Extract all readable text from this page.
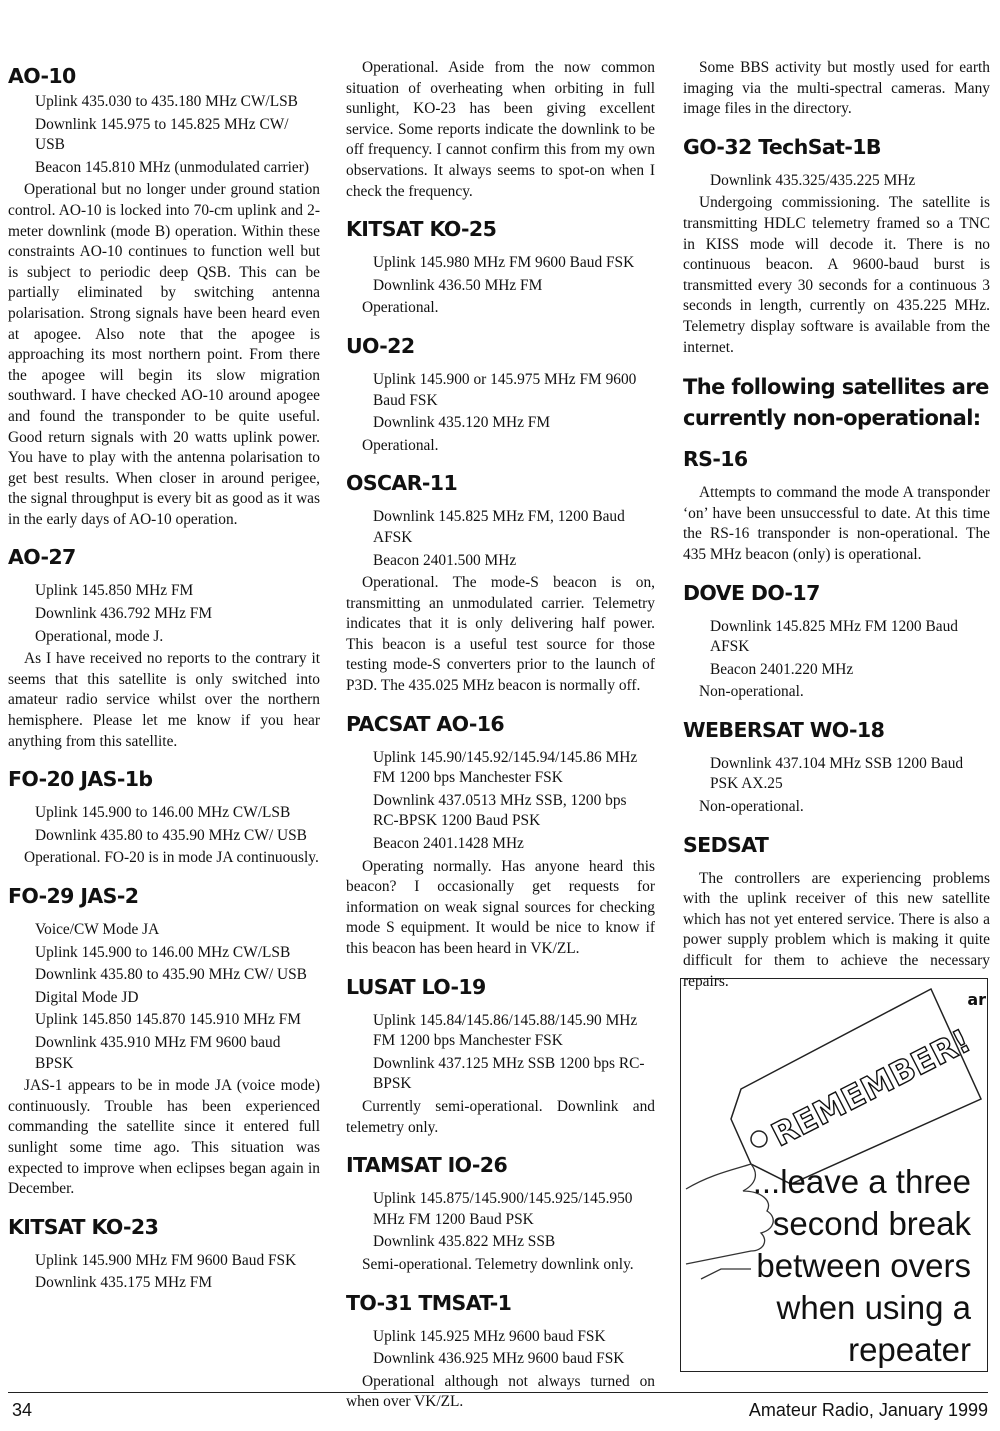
AO-10
Uplink 435.030 to 435.180 MHz CW/LSB
Downlink 145.975 to 145.825 MHz CW/ USB
Beacon 145.810 MHz (unmodulated carrier)

Operational but no longer under ground station control. AO-10 is locked into 70-cm uplink and 2-meter downlink (mode B) operation. Within these constraints AO-10 continues to function well but is subject to periodic deep QSB. This can be partially eliminated by switching antenna polarisation. Strong signals have been heard even at apogee. Also note that the apogee is approaching its most northern point. From there the apogee will begin its slow migration southward. I have checked AO-10 around apogee and found the transponder to be quite useful. Good return signals with 20 watts uplink power. You have to play with the antenna polarisation to get best results. When closer in around perigee, the signal throughput is every bit as good as it was in the early days of AO-10 operation.

AO-27
Uplink 145.850 MHz FM
Downlink 436.792 MHz FM
Operational, mode J.

As I have received no reports to the contrary it seems that this satellite is only switched into amateur radio service whilst over the northern hemisphere. Please let me know if you hear anything from this satellite.

FO-20 JAS-1b
Uplink 145.900 to 146.00 MHz CW/LSB
Downlink 435.80 to 435.90 MHz CW/ USB

Operational. FO-20 is in mode JA continuously.

FO-29 JAS-2
Voice/CW Mode JA
Uplink 145.900 to 146.00 MHz CW/LSB
Downlink 435.80 to 435.90 MHz CW/ USB
Digital Mode JD
Uplink 145.850 145.870 145.910 MHz FM
Downlink 435.910 MHz FM 9600 baud BPSK

JAS-1 appears to be in mode JA (voice mode) continuously. Trouble has been experienced commanding the satellite since it entered full sunlight some time ago. This situation was expected to improve when eclipses began again in December.

KITSAT KO-23
Uplink 145.900 MHz FM 9600 Baud FSK
Downlink 435.175 MHz FM

Operational. Aside from the now common situation of overheating when orbiting in full sunlight, KO-23 has been giving excellent service. Some reports indicate the downlink to be off frequency. I cannot confirm this from my own observations. It always seems to spot-on when I check the frequency.

KITSAT KO-25
Uplink 145.980 MHz FM 9600 Baud FSK
Downlink 436.50 MHz FM

Operational.

UO-22
Uplink 145.900 or 145.975 MHz FM 9600 Baud FSK
Downlink 435.120 MHz FM

Operational.

OSCAR-11
Downlink 145.825 MHz FM, 1200 Baud AFSK
Beacon 2401.500 MHz

Operational. The mode-S beacon is on, transmitting an unmodulated carrier. Telemetry indicates that it is only delivering half power. This beacon is a useful test source for those testing mode-S converters prior to the launch of P3D. The 435.025 MHz beacon is normally off.

PACSAT AO-16
Uplink 145.90/145.92/145.94/145.86 MHz FM 1200 bps Manchester FSK
Downlink 437.0513 MHz SSB, 1200 bps RC-BPSK 1200 Baud PSK
Beacon 2401.1428 MHz

Operating normally. Has anyone heard this beacon? I occasionally get requests for information on weak signal sources for checking mode S equipment. It would be nice to know if this beacon has been heard in VK/ZL.

LUSAT LO-19
Uplink 145.84/145.86/145.88/145.90 MHz FM 1200 bps Manchester FSK
Downlink 437.125 MHz SSB 1200 bps RC-BPSK

Currently semi-operational. Downlink and telemetry only.

ITAMSAT IO-26
Uplink 145.875/145.900/145.925/145.950 MHz FM 1200 Baud PSK
Downlink 435.822 MHz SSB

Semi-operational. Telemetry downlink only.

TO-31 TMSAT-1
Uplink 145.925 MHz 9600 baud FSK
Downlink 436.925 MHz 9600 baud FSK

Operational although not always turned on when over VK/ZL.

Some BBS activity but mostly used for earth imaging via the multi-spectral cameras. Many image files in the directory.

GO-32 TechSat-1B
Downlink 435.325/435.225 MHz

Undergoing commissioning. The satellite is transmitting HDLC telemetry framed so a TNC in KISS mode will decode it. There is no continuous beacon. A 9600-baud burst is transmitted every 30 seconds for a continuous 3 seconds in length, currently on 435.225 MHz. Telemetry display software is available from the internet.

The following satellites are currently non-operational:
RS-16

Attempts to command the mode A transponder ‘on’ have been unsuccessful to date. At this time the RS-16 transponder is non-operational. The 435 MHz beacon (only) is operational.

DOVE DO-17
Downlink 145.825 MHz FM 1200 Baud AFSK
Beacon 2401.220 MHz

Non-operational.

WEBERSAT WO-18
Downlink 437.104 MHz SSB 1200 Baud PSK AX.25

Non-operational.

SEDSAT

The controllers are experiencing problems with the uplink receiver of this new satellite which has not yet entered service. There is also a power supply problem which is making it quite difficult for them to achieve the necessary repairs.

ar
REMEMBER!
...leave a three
second break
between overs
when using a
repeater
34	Amateur Radio, January 1999
